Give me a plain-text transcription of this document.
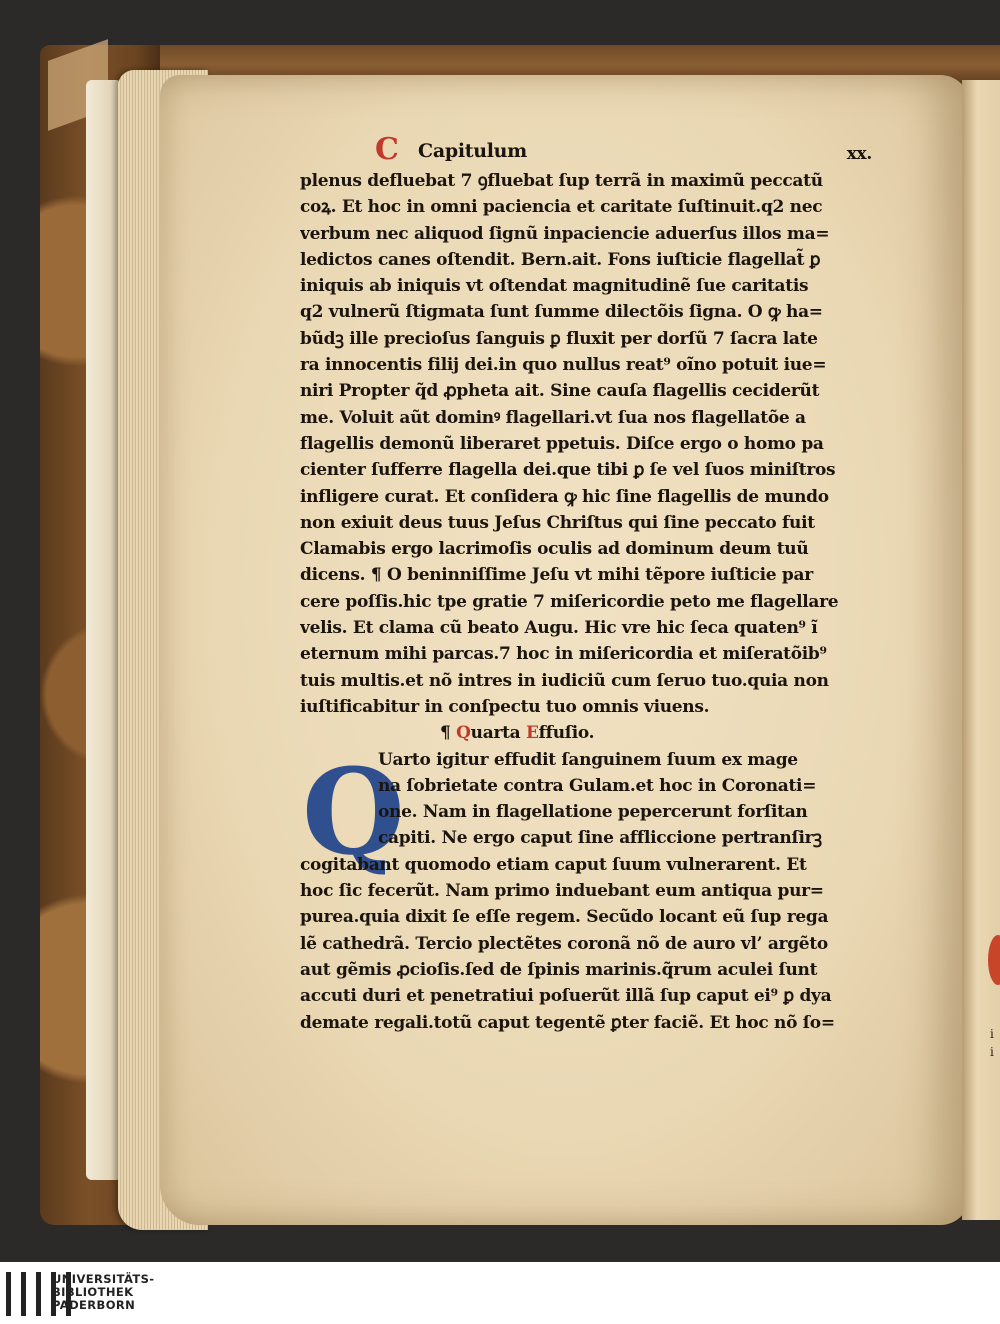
Q
C Capitulum	xx.
plenus defluebat 7 ꝯfluebat ſup terrã in maximũ peccatũ
coꝝ. Et hoc in omni paciencia et caritate ſuſtinuit.q2 nec
verbum nec aliquod ſignũ inpaciencie aduerſus illos ma=
ledictos canes oſtendit. Bern.ait. Fons iuſticie flagellat̃ ꝑ
iniquis ab iniquis vt oſtendat magnitudinẽ ſue caritatis
q2 vulnerũ ſtigmata ſunt ſumme dilectõis ſigna. O ꝙ ha=
bũdꝫ ille precioſus ſanguis ꝑ fluxit per dorſũ 7 ſacra late
ra innocentis filij dei.in quo nullus reat⁹ oĩno potuit iue=
niri Propter q̃d ꝓpheta ait. Sine cauſa flagellis ceciderũt
me. Voluit aũt dominꝰ flagellari.vt ſua nos flagellatõe a
flagellis demonũ liberaret ppetuis. Diſce ergo o homo pa
cienter ſufferre flagella dei.que tibi ꝑ ſe vel ſuos miniſtros
infligere curat. Et conſidera ꝙ hic ſine flagellis de mundo
non exiuit deus tuus Jeſus Chriſtus qui ſine peccato fuit
Clamabis ergo lacrimoſis oculis ad dominum deum tuũ
dicens. ¶ O beninniſſime Jeſu vt mihi tẽpore iuſticie par
cere poſſis.hic tpe gratie 7 miſericordie peto me flagellare
velis. Et clama cũ beato Augu. Hic vre hic ſeca quaten⁹ ĩ
eternum mihi parcas.7 hoc in miſericordia et miſeratõib⁹
tuis multis.et nõ intres in iudiciũ cum ſeruo tuo.quia non
iuſtificabitur in conſpectu tuo omnis viuens.
¶ Quarta Effuſio.
Uarto igitur effudit ſanguinem ſuum ex mage
na ſobrietate contra Gulam.et hoc in Coronati=
one. Nam in flagellatione pepercerunt forſitan
capiti. Ne ergo caput ſine affliccione pertranſirꝫ
cogitabant quomodo etiam caput ſuum vulnerarent. Et
hoc ſic fecerũt. Nam primo induebant eum antiqua pur=
purea.quia dixit ſe eſſe regem. Secũdo locant eũ ſup rega
lẽ cathedrã. Tercio plectẽtes coronã nõ de auro vl’ argẽto
aut gẽmis ꝓcioſis.ſed de ſpinis marinis.q̃rum aculei ſunt
accuti duri et penetratiui poſuerũt illã ſup caput ei⁹ ꝑ dya
dematе regali.totũ caput tegentẽ ꝑter faciẽ. Et hoc nõ ſo=
UNIVERSITÄTS-
BIBLIOTHEK
PADERBORN
i
i
